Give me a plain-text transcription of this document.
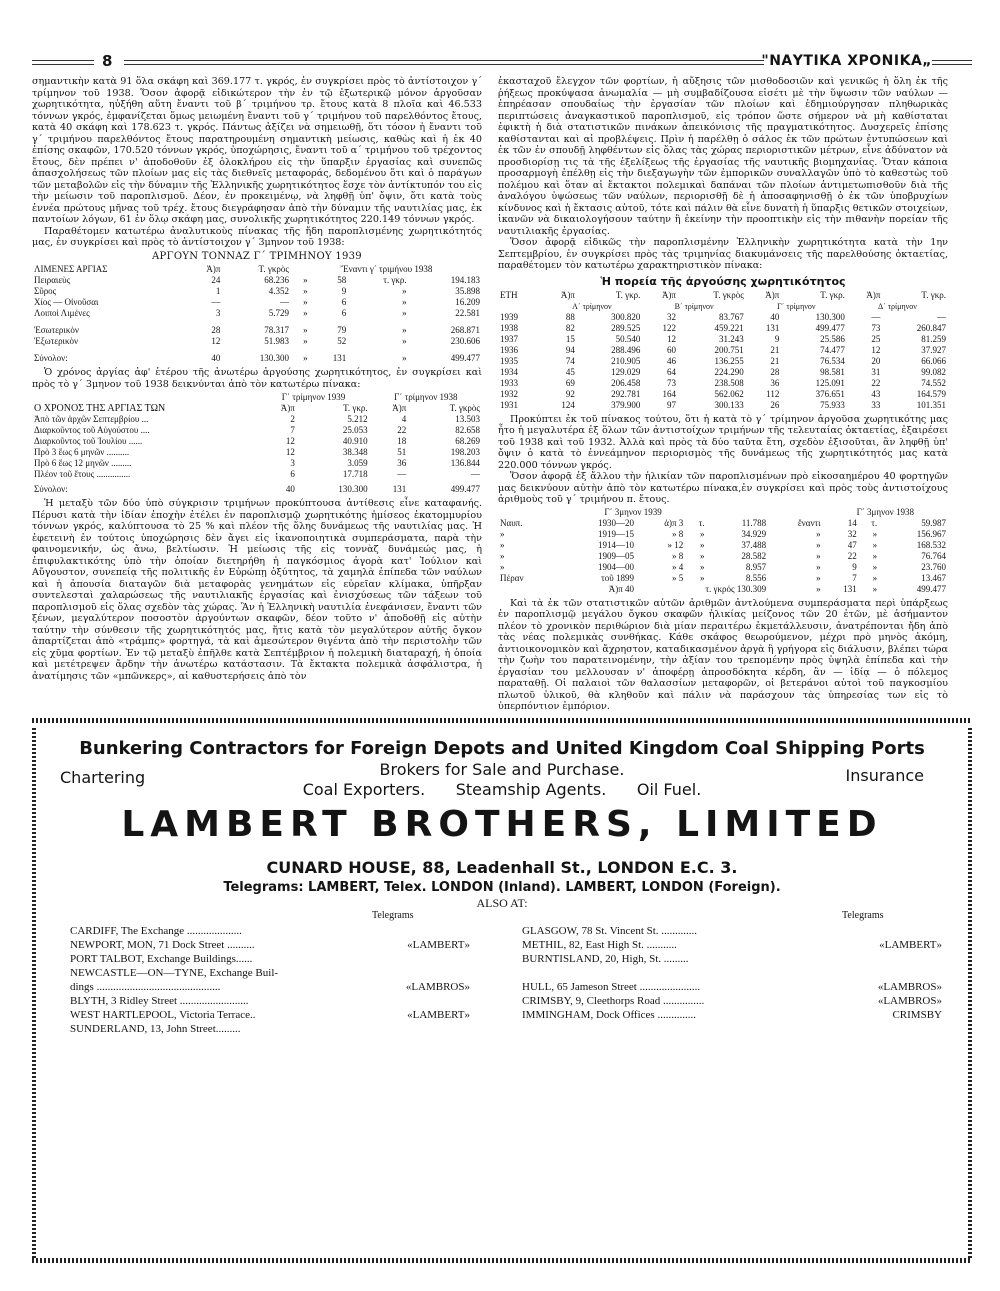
8	"ΝΑΥΤΙΚΑ ΧΡΟΝΙΚΑ„

σημαντικὴν κατὰ 91 ὅλα σκάφη καὶ 369.177 τ. γκρός, ἐν συγκρίσει πρὸς τὸ ἀντίστοιχον γ΄ τρίμηνον τοῦ 1938. Ὅσον ἀφορᾷ εἰδικώτερον τὴν ἐν τῷ ἐξωτερικῷ μόνον ἀργοῦσαν χωρητικότητα, ηὐξήθη αὕτη ἔναντι τοῦ β΄ τριμήνου τρ. ἔτους κατὰ 8 πλοῖα καὶ 46.533 τόννων γκρός, ἐμφανίζεται ὅμως μειωμένη ἔναντι τοῦ γ΄ τριμήνου τοῦ παρελθόντος ἔτους, κατὰ 40 σκάφη καὶ 178.623 τ. γκρός. Πάντως ἀξίζει νὰ σημειωθῇ, ὅτι τόσον ἡ ἔναντι τοῦ γ΄ τριμήνου παρελθόντος ἔτους παρατηρουμένη σημαντικὴ μείωσις, καθὼς καὶ ἡ ἐκ 40 ἐπίσης σκαφῶν, 170.520 τόννων γκρός, ὑποχώρησις, ἔναντι τοῦ α΄ τριμήνου τοῦ τρέχοντος ἔτους, δὲν πρέπει ν' ἀποδοθοῦν ἐξ ὁλοκλήρου εἰς τὴν ὕπαρξιν ἐργασίας καὶ συνεπῶς ἀπασχολήσεως τῶν πλοίων μας εἰς τὰς διεθνεῖς μεταφοράς, δεδομένου ὅτι καὶ ὁ παράγων τῶν μεταβολῶν εἰς τὴν δύναμιν τῆς Ἑλληνικῆς χωρητικότητος ἔσχε τὸν ἀντίκτυπόν του εἰς τὴν μείωσιν τοῦ παροπλισμοῦ. Δέον, ἐν προκειμένῳ, νὰ ληφθῇ ὑπ' ὄψιν, ὅτι κατὰ τοὺς ἐννέα πρώτους μῆνας τοῦ τρέχ. ἔτους διεγράφησαν ἀπὸ τὴν δύναμιν τῆς ναυτιλίας μας, ἐκ παντοίων λόγων, 61 ἐν ὅλῳ σκάφη μας, συνολικῆς χωρητικότητος 220.149 τόννων γκρός.

Παραθέτομεν κατωτέρω ἀναλυτικοὺς πίνακας τῆς ἤδη παροπλισμένης χωρητικότητός μας, ἐν συγκρίσει καὶ πρὸς τὸ ἀντίστοιχον γ΄ 3μηνον τοῦ 1938:

ΑΡΓΟΥΝ ΤΟΝΝΑΖ Γ΄ ΤΡΙΜΗΝΟΥ 1939
ΛΙΜΕΝΕΣ ΑΡΓΙΑΣ	Ἀ)π	Τ. γκρὸς	Ἔναντι γ΄ τριμήνου 1938			
Πειραιεὺς	24	68.236	»	58	τ. γκρ.	194.183
Σῦρος	1	4.352	»	9	»	35.898
Χίος — Οἰνοῦσαι	—	—	»	6	»	16.209
Λοιποὶ Λιμένες	3	5.729	»	6	»	22.581

Ἐσωτερικὸν	28	78.317	»	79	»	268.871
Ἐξωτερικὸν	12	51.983	»	52	»	230.606

Σύνολον:	40	130.300	»	131	»	499.477

Ὁ χρόνος ἀργίας ἀφ' ἑτέρου τῆς ἀνωτέρω ἀργούσης χωρητικότητος, ἐν συγκρίσει καὶ πρὸς τὸ γ΄ 3μηνον τοῦ 1938 δεικνύνται ἀπὸ τὸν κατωτέρω πίνακα:

	Γ΄ τρίμηνον 1939		Γ΄ τρίμηνον 1938	
Ο ΧΡΟΝΟΣ ΤΗΣ ΑΡΓΙΑΣ ΤΩΝ	Ἀ)π	Τ. γκρ.	Ἀ)π	Τ. γκρὸς
Ἀπὸ τῶν ἀρχῶν Σεπτεμβρίου ...	2	5.212	4	13.503
Διαρκοῦντος τοῦ Αὐγούστου ....	7	25.053	22	82.658
Διαρκοῦντος τοῦ Ἰουλίου ......	12	40.910	18	68.269
Πρὸ 3 ἕως 6 μηνῶν ..........	12	38.348	51	198.203
Πρὸ 6 ἕως 12 μηνῶν .........	3	3.059	36	136.844
Πλέον τοῦ ἔτους ...............	6	17.718	—	—

Σύνολον:	40	130.300	131	499.477

Ἡ μεταξὺ τῶν δύο ὑπὸ σύγκρισιν τριμήνων προκύπτουσα ἀντίθεσις εἶνε καταφανής. Πέρυσι κατὰ τὴν ἰδίαν ἐποχὴν ἐτέλει ἐν παροπλισμῷ χωρητικότης ἡμίσεος ἑκατομμυρίου τόννων γκρός, καλύπτουσα τὸ 25 % καὶ πλέον τῆς ὅλης δυνάμεως τῆς ναυτιλίας μας. Ἡ ἐφετεινὴ ἐν τούτοις ὑποχώρησις δὲν ἄγει εἰς ἱκανοποιητικὰ συμπεράσματα, παρὰ τὴν φαινομενικήν, ὡς ἄνω, βελτίωσιν. Ἡ μείωσις τῆς εἰς τοννὰζ δυνάμεώς μας, ἡ ἐπιφυλακτικότης ὑπὸ τὴν ὁποίαν διετηρήθη ἡ παγκόσμιος ἀγορὰ κατ' Ἰούλιον καὶ Αὔγουστον, συνεπείᾳ τῆς πολιτικῆς ἐν Εὐρώπῃ ὀξύτητος, τὰ χαμηλὰ ἐπίπεδα τῶν ναύλων καὶ ἡ ἀπουσία διαταγῶν διὰ μεταφορὰς γενημάτων εἰς εὐρεῖαν κλίμακα, ὑπῆρξαν συντελεσταὶ χαλαρώσεως τῆς ναυτιλιακῆς ἐργασίας καὶ ἐνισχύσεως τῶν τάξεων τοῦ παροπλισμοῦ εἰς ὅλας σχεδὸν τὰς χώρας. Ἂν ἡ Ἑλληνικὴ ναυτιλία ἐνεφάνισεν, ἔναντι τῶν ξένων, μεγαλύτερον ποσοστὸν ἀργούντων σκαφῶν, δέον τοῦτο ν' ἀποδοθῇ εἰς αὐτὴν ταύτην τὴν σύνθεσιν τῆς χωρητικότητός μας, ἥτις κατὰ τὸν μεγαλύτερον αὐτῆς ὄγκον ἀπαρτίζεται ἀπὸ «τράμπς» φορτηγά, τὰ καὶ ἀμεσώτερον θιγέντα ἀπὸ τὴν περιστολὴν τῶν εἰς χῦμα φορτίων. Ἐν τῷ μεταξὺ ἐπῆλθε κατὰ Σεπτέμβριον ἡ πολεμικὴ διαταραχή, ἡ ὁποία καὶ μετέτρεψεν ἄρδην τὴν ἀνωτέρω κατάστασιν. Τὰ ἔκτακτα πολεμικὰ ἀσφάλιστρα, ἡ ἀνατίμησις τῶν «μπῶνκερς», αἱ καθυστερήσεις ἀπὸ τὸν

ἑκασταχοῦ ἔλεγχον τῶν φορτίων, ἡ αὔξησις τῶν μισθοδοσιῶν καὶ γενικῶς ἡ ὅλη ἐκ τῆς ῥήξεως προκύψασα ἀνωμαλία — μὴ συμβαδίζουσα εἰσέτι μὲ τὴν ὕψωσιν τῶν ναύλων — ἐπηρέασαν σπουδαίως τὴν ἐργασίαν τῶν πλοίων καὶ ἐδημιούργησαν πληθωρικὰς περιπτώσεις ἀναγκαστικοῦ παροπλισμοῦ, εἰς τρόπον ὥστε σήμερον νὰ μὴ καθίσταται ἐφικτὴ ἡ διὰ στατιστικῶν πινάκων ἀπεικόνισις τῆς πραγματικότητος. Δυσχερεῖς ἐπίσης καθίστανται καὶ αἱ προβλέψεις. Πρὶν ἡ παρέλθῃ ὁ σάλος ἐκ τῶν πρώτων ἐντυπώσεων καὶ ἐκ τῶν ἐν σπουδῇ ληφθέντων εἰς ὅλας τὰς χώρας περιοριστικῶν μέτρων, εἶνε ἀδύνατον νὰ προσδιορίσῃ τις τὰ τῆς ἐξελίξεως τῆς ἐργασίας τῆς ναυτικῆς βιομηχανίας. Ὅταν κάποια προσαρμογὴ ἐπέλθῃ εἰς τὴν διεξαγωγὴν τῶν ἐμπορικῶν συναλλαγῶν ὑπὸ τὸ καθεστὼς τοῦ πολέμου καὶ ὅταν αἱ ἔκτακτοι πολεμικαὶ δαπάναι τῶν πλοίων ἀντιμετωπισθοῦν διὰ τῆς ἀναλόγου ὑψώσεως τῶν ναύλων, περιορισθῇ δὲ ἡ ἀποσαφηνισθῇ ὁ ἐκ τῶν ὑποβρυχίων κίνδυνος καὶ ἡ ἔκτασις αὐτοῦ, τότε καὶ πάλιν θὰ εἶνε δυνατὴ ἡ ὕπαρξις θετικῶν στοιχείων, ἱκανῶν νὰ δικαιολογήσουν ταύτην ἢ ἐκείνην τὴν προοπτικὴν εἰς τὴν πιθανὴν πορείαν τῆς ναυτιλιακῆς ἐργασίας.

Ὅσον ἀφορᾷ εἰδικῶς τὴν παροπλισμένην Ἑλληνικὴν χωρητικότητα κατὰ τὴν 1ην Σεπτεμβρίου, ἐν συγκρίσει πρὸς τὰς τριμηνίας διακυμάνσεις τῆς παρελθούσης ὀκταετίας, παραθέτομεν τὸν κατωτέρω χαρακτηριστικὸν πίνακα:

Ἡ πορεία τῆς ἀργούσης χωρητικότητος
ΕΤΗ	Ἀ)π	Τ. γκρ.	Ἀ)π	Τ. γκρὸς	Ἀ)π	Τ. γκρ.	Ἀ)π	Τ. γκρ.
	Α΄ τρίμηνον		Β΄ τρίμηνον		Γ΄ τρίμηνον		Δ΄ τρίμηνον	
1939	88	300.820	32	83.767	40	130.300	—	—
1938	82	289.525	122	459.221	131	499.477	73	260.847
1937	15	50.540	12	31.243	9	25.586	25	81.259
1936	94	288.496	60	200.751	21	74.477	12	37.927
1935	74	210.905	46	136.255	21	76.534	20	66.066
1934	45	129.029	64	224.290	28	98.581	31	99.082
1933	69	206.458	73	238.508	36	125.091	22	74.552
1932	92	292.781	164	562.062	112	376.651	43	164.579
1931	124	379.900	97	300.133	26	75.933	33	101.351

Προκύπτει ἐκ τοῦ πίνακος τούτου, ὅτι ἡ κατὰ τὸ γ΄ τρίμηνον ἀργοῦσα χωρητικότης μας ἦτο ἡ μεγαλυτέρα ἐξ ὅλων τῶν ἀντιστοίχων τριμήνων τῆς τελευταίας ὀκταετίας, ἐξαιρέσει τοῦ 1938 καὶ τοῦ 1932. Ἀλλὰ καὶ πρὸς τὰ δύο ταῦτα ἔτη, σχεδὸν ἐξισοῦται, ἂν ληφθῇ ὑπ' ὄψιν ὁ κατὰ τὸ ἐννεάμηνον περιορισμὸς τῆς δυνάμεως τῆς χωρητικότητός μας κατὰ 220.000 τόννων γκρός.

Ὅσον ἀφορᾷ ἐξ ἄλλου τὴν ἡλικίαν τῶν παροπλισμένων πρὸ εἰκοσαημέρου 40 φορτηγῶν μας δεικνύουν αὐτὴν ἀπὸ τὸν κατωτέρω πίνακα,ἐν συγκρίσει καὶ πρὸς τοὺς ἀντιστοίχους ἀριθμοὺς τοῦ γ΄ τριμήνου π. ἔτους.

Γ΄ 3μηνον 1939						Γ΄ 3μηνον 1938		
Ναυπ.	1930—20	ἀ)π 3	τ.	11.788	ἔναντι	14	τ.	59.987
»	1919—15	» 8	»	34.929	»	32	»	156.967
»	1914—10	» 12	»	37.488	»	47	»	168.532
»	1909—05	» 8	»	28.582	»	22	»	76.764
»	1904—00	» 4	»	8.957	»	9	»	23.760
Πέραν	τοῦ 1899	» 5	»	8.556	»	7	»	13.467
	Ἀ)π 40	τ. γκρός 130.309			»	131	»	499.477

Καὶ τὰ ἐκ τῶν στατιστικῶν αὐτῶν ἀριθμῶν ἀντλούμενα συμπεράσματα περὶ ὑπάρξεως ἐν παροπλισμῷ μεγάλου ὄγκου σκαφῶν ἡλικίας μείζονος τῶν 20 ἐτῶν, μὲ ἀσήμαντον πλέον τὸ χρονικὸν περιθώριον διὰ μίαν περαιτέρω ἐκμετάλλευσιν, ἀνατρέπονται ἤδη ἀπὸ τὰς νέας πολεμικὰς συνθήκας. Κάθε σκάφος θεωρούμενον, μέχρι πρὸ μηνὸς ἀκόμη, ἀντιοικονομικὸν καὶ ἄχρηστον, καταδικασμένον ἀργὰ ἢ γρήγορα εἰς διάλυσιν, βλέπει τώρα τὴν ζωὴν του παρατεινομένην, τὴν ἀξίαν του τρεπομένην πρὸς ὑψηλὰ ἐπίπεδα καὶ τὴν ἐργασίαν του μελλουσαν ν' ἀποφέρῃ ἀπροσδόκητα κέρδη, ἂν — ἰδίᾳ — ὁ πόλεμος παραταθῇ. Οἱ παλαιοὶ τῶν θαλασσίων μεταφορῶν, οἱ βετεράνοι αὐτοὶ τοῦ παγκοσμίου πλωτοῦ ὑλικοῦ, θὰ κληθοῦν καὶ πάλιν νὰ παράσχουν τὰς ὑπηρεσίας των εἰς τὸ ὑπερπόντιον ἐμπόριον.

Bunkering Contractors for Foreign Depots and United Kingdom Coal Shipping Ports
Chartering	Insurance
Brokers for Sale and Purchase.
Coal Exporters.      Steamship Agents.      Oil Fuel.
LAMBERT BROTHERS, LIMITED
CUNARD HOUSE, 88, Leadenhall St., LONDON E.C. 3.
Telegrams: LAMBERT, Telex. LONDON (Inland). LAMBERT, LONDON (Foreign).
ALSO AT:
Telegrams	Telegrams
CARDIFF, The Exchange ....................
NEWPORT, MON, 71 Dock Street ..........	«LAMBERT»
PORT TALBOT, Exchange Buildings......
NEWCASTLE—ON—TYNE, Exchange Buil-
dings .............................................	«LAMBROS»
BLYTH, 3 Ridley Street .........................
WEST HARTLEPOOL, Victoria Terrace..	«LAMBERT»
SUNDERLAND, 13, John Street.........
GLASGOW, 78 St. Vincent St. .............
METHIL, 82, East High St. ...........	«LAMBERT»
BURNTISLAND, 20, High, St. .........
HULL, 65 Jameson Street ......................	«LAMBROS»
CRIMSBY, 9, Cleethorps Road ...............	«LAMBROS»
IMMINGHAM, Dock Offices ..............	CRIMSBY
